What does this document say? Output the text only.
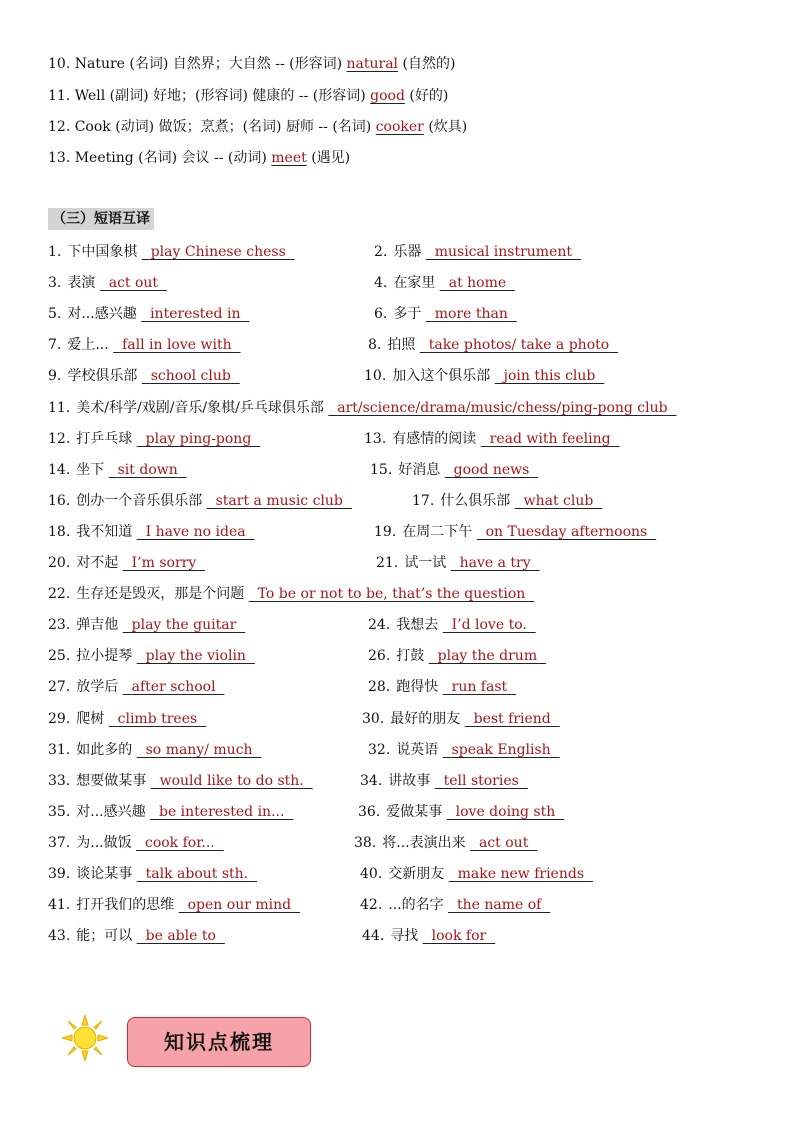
10. Nature (名词) 自然界；大自然 -- (形容词) natural (自然的)
11. Well (副词) 好地；(形容词) 健康的 -- (形容词) good (好的)
12. Cook (动词) 做饭；烹煮；(名词) 厨师 -- (名词) cooker (炊具)
13. Meeting (名词) 会议 -- (动词) meet (遇见)
（三）短语互译
1. 下中国象棋 play Chinese chess	2. 乐器 musical instrument
3. 表演 act out	4. 在家里 at home
5. 对...感兴趣 interested in	6. 多于 more than
7. 爱上... fall in love with	8. 拍照 take photos/ take a photo
9. 学校俱乐部 school club	10. 加入这个俱乐部 join this club
11. 美术/科学/戏剧/音乐/象棋/乒乓球俱乐部 art/science/drama/music/chess/ping-pong club
12. 打乒乓球 play ping-pong	13. 有感情的阅读 read with feeling
14. 坐下 sit down	15. 好消息 good news
16. 创办一个音乐俱乐部 start a music club	17. 什么俱乐部 what club
18. 我不知道 I have no idea	19. 在周二下午 on Tuesday afternoons
20. 对不起 I’m sorry	21. 试一试 have a try
22. 生存还是毁灭，那是个问题 To be or not to be, that’s the question
23. 弹吉他 play the guitar	24. 我想去 I’d love to.
25. 拉小提琴 play the violin	26. 打鼓 play the drum
27. 放学后 after school	28. 跑得快 run fast
29. 爬树 climb trees	30. 最好的朋友 best friend
31. 如此多的 so many/ much	32. 说英语 speak English
33. 想要做某事 would like to do sth.	34. 讲故事 tell stories
35. 对...感兴趣 be interested in...	36. 爱做某事 love doing sth
37. 为...做饭 cook for...	38. 将...表演出来 act out
39. 谈论某事 talk about sth.	40. 交新朋友 make new friends
41. 打开我们的思维 open our mind	42. ...的名字 the name of
43. 能；可以 be able to	44. 寻找 look for
知识点梳理
